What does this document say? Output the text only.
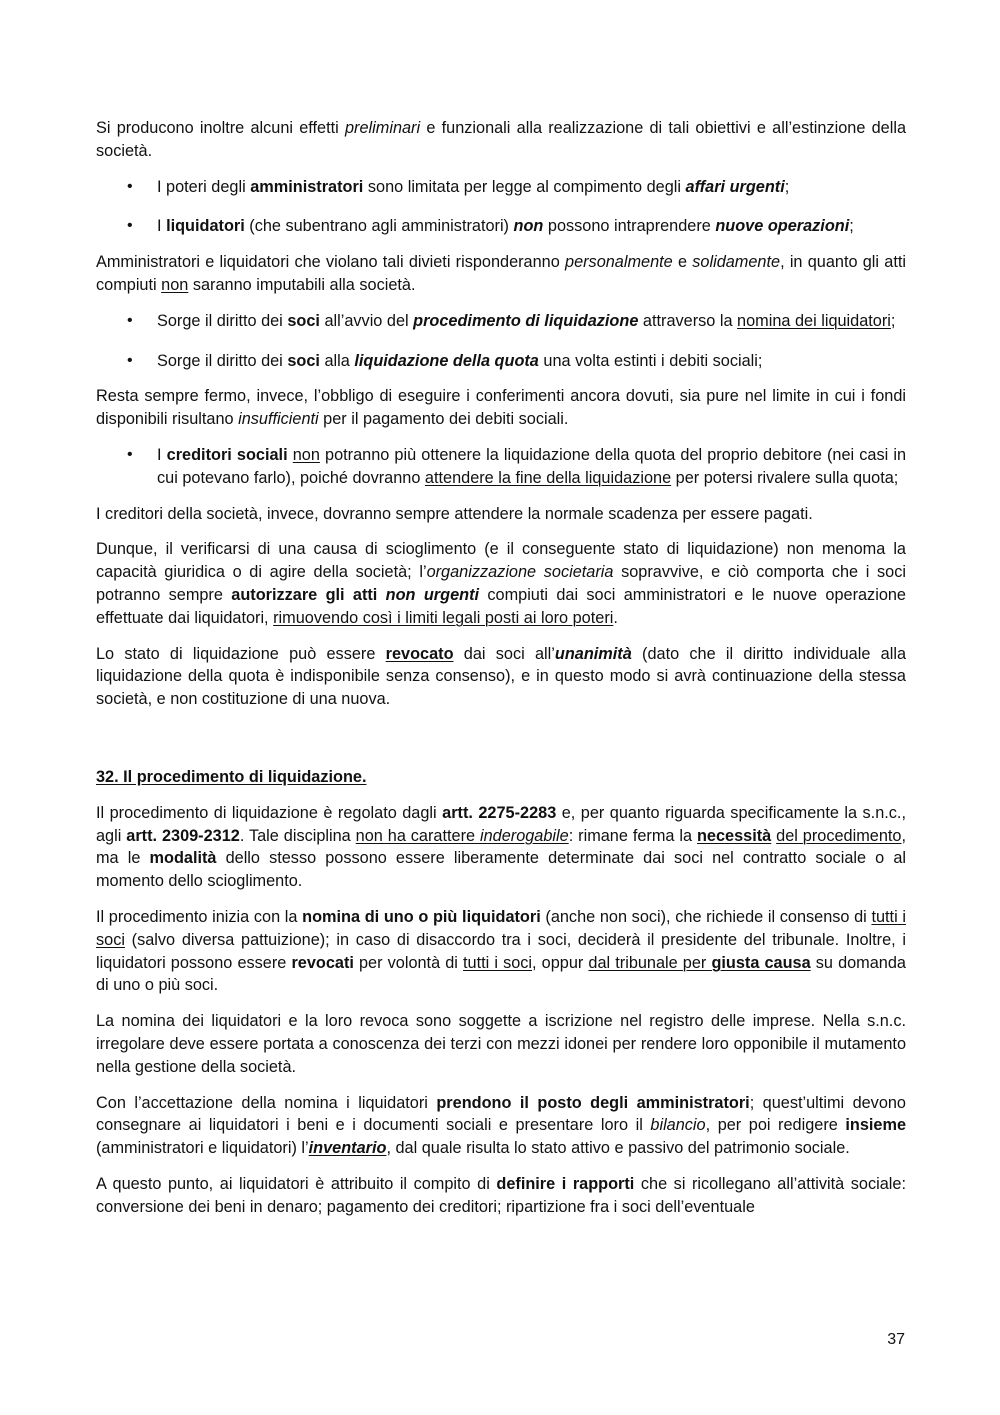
Si producono inoltre alcuni effetti preliminari e funzionali alla realizzazione di tali obiettivi e all’estinzione della società.

• I poteri degli amministratori sono limitata per legge al compimento degli affari urgenti;
• I liquidatori (che subentrano agli amministratori) non possono intraprendere nuove operazioni;

Amministratori e liquidatori che violano tali divieti risponderanno personalmente e solidamente, in quanto gli atti compiuti non saranno imputabili alla società.

• Sorge il diritto dei soci all’avvio del procedimento di liquidazione attraverso la nomina dei liquidatori;
• Sorge il diritto dei soci alla liquidazione della quota una volta estinti i debiti sociali;

Resta sempre fermo, invece, l’obbligo di eseguire i conferimenti ancora dovuti, sia pure nel limite in cui i fondi disponibili risultano insufficienti per il pagamento dei debiti sociali.

• I creditori sociali non potranno più ottenere la liquidazione della quota del proprio debitore (nei casi in cui potevano farlo), poiché dovranno attendere la fine della liquidazione per potersi rivalere sulla quota;

I creditori della società, invece, dovranno sempre attendere la normale scadenza per essere pagati.

Dunque, il verificarsi di una causa di scioglimento (e il conseguente stato di liquidazione) non menoma la capacità giuridica o di agire della società; l’organizzazione societaria sopravvive, e ciò comporta che i soci potranno sempre autorizzare gli atti non urgenti compiuti dai soci amministratori e le nuove operazione effettuate dai liquidatori, rimuovendo così i limiti legali posti ai loro poteri.

Lo stato di liquidazione può essere revocato dai soci all’unanimità (dato che il diritto individuale alla liquidazione della quota è indisponibile senza consenso), e in questo modo si avrà continuazione della stessa società, e non costituzione di una nuova.

32. Il procedimento di liquidazione.

Il procedimento di liquidazione è regolato dagli artt. 2275-2283 e, per quanto riguarda specificamente la s.n.c., agli artt. 2309-2312. Tale disciplina non ha carattere inderogabile: rimane ferma la necessità del procedimento, ma le modalità dello stesso possono essere liberamente determinate dai soci nel contratto sociale o al momento dello scioglimento.

Il procedimento inizia con la nomina di uno o più liquidatori (anche non soci), che richiede il consenso di tutti i soci (salvo diversa pattuizione); in caso di disaccordo tra i soci, deciderà il presidente del tribunale. Inoltre, i liquidatori possono essere revocati per volontà di tutti i soci, oppur dal tribunale per giusta causa su domanda di uno o più soci.

La nomina dei liquidatori e la loro revoca sono soggette a iscrizione nel registro delle imprese. Nella s.n.c. irregolare deve essere portata a conoscenza dei terzi con mezzi idonei per rendere loro opponibile il mutamento nella gestione della società.

Con l’accettazione della nomina i liquidatori prendono il posto degli amministratori; quest’ultimi devono consegnare ai liquidatori i beni e i documenti sociali e presentare loro il bilancio, per poi redigere insieme (amministratori e liquidatori) l’inventario, dal quale risulta lo stato attivo e passivo del patrimonio sociale.

A questo punto, ai liquidatori è attribuito il compito di definire i rapporti che si ricollegano all’attività sociale: conversione dei beni in denaro; pagamento dei creditori; ripartizione fra i soci dell’eventuale

37
